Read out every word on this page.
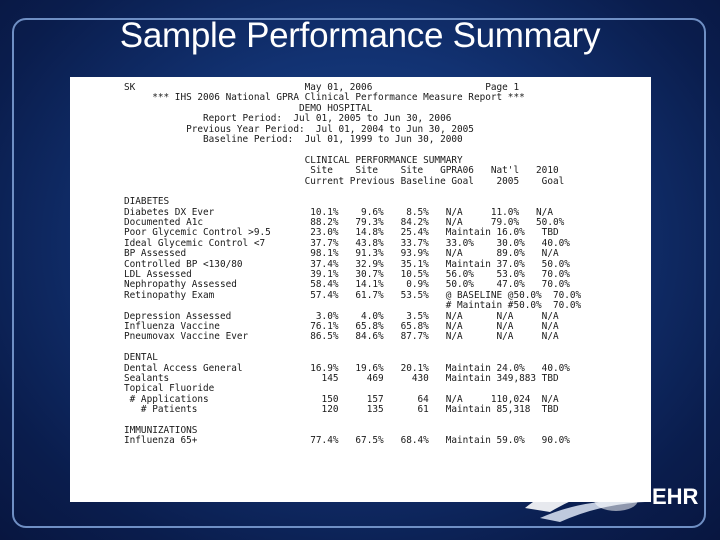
Sample Performance Summary
EHR
SK                              May 01, 2006                    Page 1
*** IHS 2006 National GPRA Clinical Performance Measure Report ***
DEMO HOSPITAL
Report Period:  Jul 01, 2005 to Jun 30, 2006
Previous Year Period:  Jul 01, 2004 to Jun 30, 2005
Baseline Period:  Jul 01, 1999 to Jun 30, 2000
CLINICAL PERFORMANCE SUMMARY
Site    Site    Site   GPRA06   Nat'l   2010
Current Previous Baseline Goal    2005    Goal
DIABETES
Diabetes DX Ever                 10.1%    9.6%    8.5%   N/A     11.0%   N/A
Documented A1c                   88.2%   79.3%   84.2%   N/A     79.0%   50.0%
Poor Glycemic Control >9.5       23.0%   14.8%   25.4%   Maintain 16.0%   TBD
Ideal Glycemic Control <7        37.7%   43.8%   33.7%   33.0%    30.0%   40.0%
BP Assessed                      98.1%   91.3%   93.9%   N/A      89.0%   N/A
Controlled BP <130/80            37.4%   32.9%   35.1%   Maintain 37.0%   50.0%
LDL Assessed                     39.1%   30.7%   10.5%   56.0%    53.0%   70.0%
Nephropathy Assessed             58.4%   14.1%    0.9%   50.0%    47.0%   70.0%
Retinopathy Exam                 57.4%   61.7%   53.5%   @ BASELINE @50.0%  70.0%
# Maintain #50.0%  70.0%
Depression Assessed               3.0%    4.0%    3.5%   N/A      N/A     N/A
Influenza Vaccine                76.1%   65.8%   65.8%   N/A      N/A     N/A
Pneumovax Vaccine Ever           86.5%   84.6%   87.7%   N/A      N/A     N/A
DENTAL
Dental Access General            16.9%   19.6%   20.1%   Maintain 24.0%   40.0%
Sealants                           145     469     430   Maintain 349,883 TBD
Topical Fluoride
# Applications                    150     157      64   N/A     110,024  N/A
# Patients                      120     135      61   Maintain 85,318  TBD
IMMUNIZATIONS
Influenza 65+                    77.4%   67.5%   68.4%   Maintain 59.0%   90.0%
